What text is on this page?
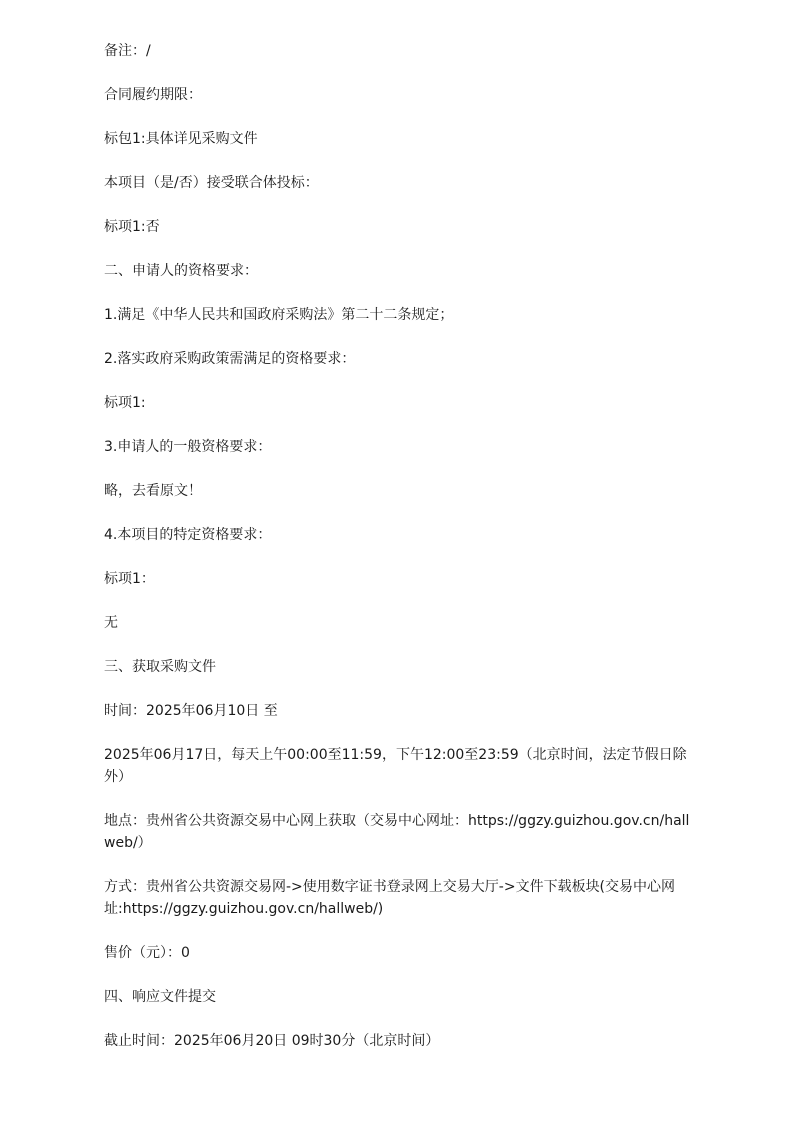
备注：/

合同履约期限：

标包1:具体详见采购文件

本项目（是/否）接受联合体投标：

标项1:否

二、申请人的资格要求：

1.满足《中华人民共和国政府采购法》第二十二条规定；

2.落实政府采购政策需满足的资格要求：

标项1:

3.申请人的一般资格要求：

略，去看原文！

4.本项目的特定资格要求：

标项1：

无

三、获取采购文件

时间：2025年06月10日 至

2025年06月17日，每天上午00:00至11:59，下午12:00至23:59（北京时间，法定节假日除外）

地点：贵州省公共资源交易中心网上获取（交易中心网址：https://ggzy.guizhou.gov.cn/hallweb/）

方式：贵州省公共资源交易网->使用数字证书登录网上交易大厅->文件下载板块(交易中心网址:https://ggzy.guizhou.gov.cn/hallweb/)

售价（元）：0

四、响应文件提交

截止时间：2025年06月20日 09时30分（北京时间）
